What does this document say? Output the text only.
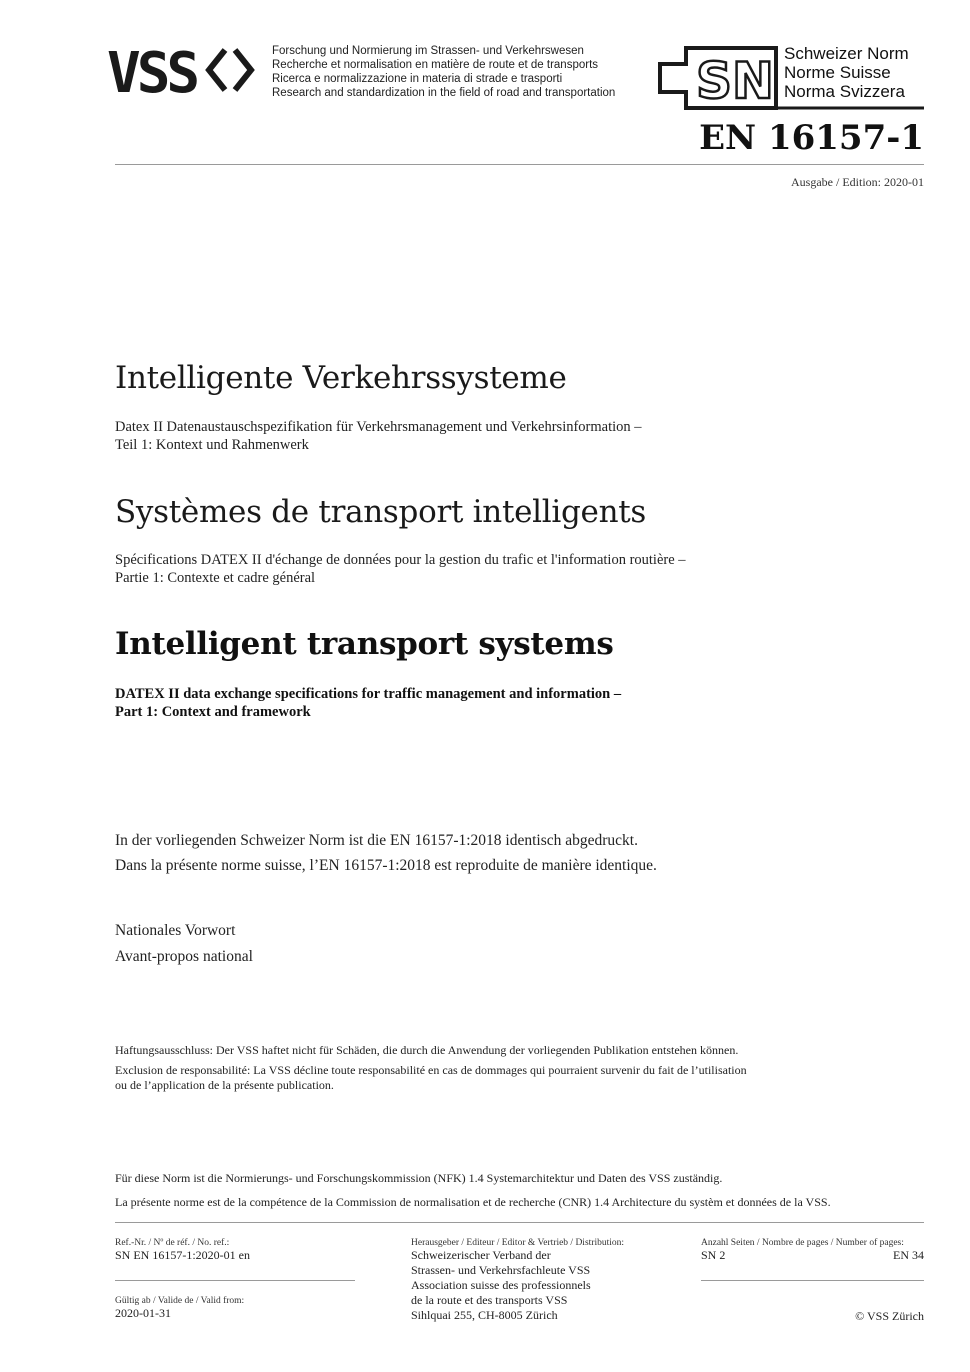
VSS	Forschung und Normierung im Strassen- und Verkehrswesen
Recherche et normalisation en matière de route et de transports
Ricerca e normalizzazione in materia di strade e trasporti
Research and standardization in the field of road and transportation SN Schweizer Norm
Norme Suisse
Norma Svizzera
EN 16157-1
Ausgabe / Edition: 2020-01
Intelligente Verkehrssysteme
Datex II Datenaustauschspezifikation für Verkehrsmanagement und Verkehrsinformation –
Teil 1: Kontext und Rahmenwerk
Systèmes de transport intelligents
Spécifications DATEX II d'échange de données pour la gestion du trafic et l'information routière –
Partie 1: Contexte et cadre général
Intelligent transport systems
DATEX II data exchange specifications for traffic management and information –
Part 1: Context and framework
In der vorliegenden Schweizer Norm ist die EN 16157-1:2018 identisch abgedruckt.
Dans la présente norme suisse, l’EN 16157-1:2018 est reproduite de manière identique.
Nationales Vorwort
Avant-propos national
Haftungsausschluss: Der VSS haftet nicht für Schäden, die durch die Anwendung der vorliegenden Publikation entstehen können.
Exclusion de responsabilité: La VSS décline toute responsabilité en cas de dommages qui pourraient survenir du fait de l’utilisation
ou de l’application de la présente publication.
Für diese Norm ist die Normierungs- und Forschungskommission (NFK) 1.4 Systemarchitektur und Daten des VSS zuständig.
La présente norme est de la compétence de la Commission de normalisation et de recherche (CNR) 1.4 Architecture du systèm et données de la VSS.
Ref.-Nr. / Nº de réf. / No. ref.:
SN EN 16157-1:2020-01 en
Gültig ab / Valide de / Valid from:
2020-01-31
Herausgeber / Editeur / Editor & Vertrieb / Distribution:
Schweizerischer Verband der
Strassen- und Verkehrsfachleute VSS
Association suisse des professionnels
de la route et des transports VSS
Sihlquai 255, CH-8005 Zürich
Anzahl Seiten / Nombre de pages / Number of pages:
SN 2	EN 34
© VSS Zürich
